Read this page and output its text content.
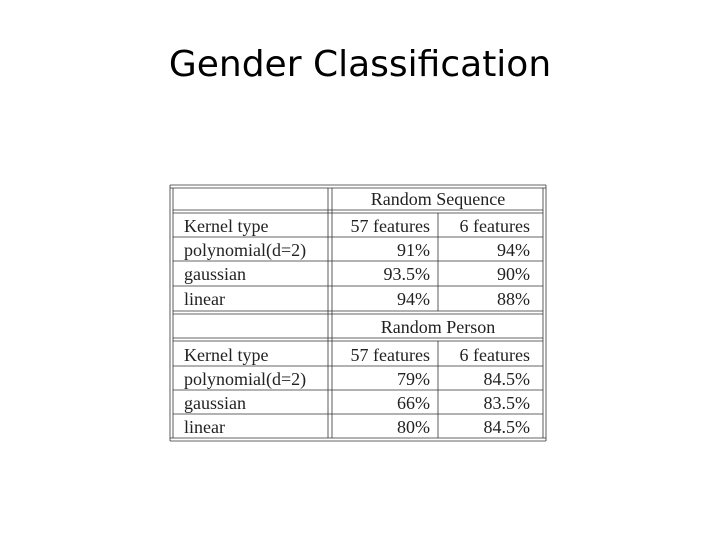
Gender Classification
Random Sequence
Kernel type	57 features 6 features
polynomial(d=2)	91%	94%
gaussian	93.5%	90%
linear	94%	88%
Random Person
Kernel type	57 features 6 features
polynomial(d=2)	79%	84.5%
gaussian	66%	83.5%
linear	80%	84.5%
